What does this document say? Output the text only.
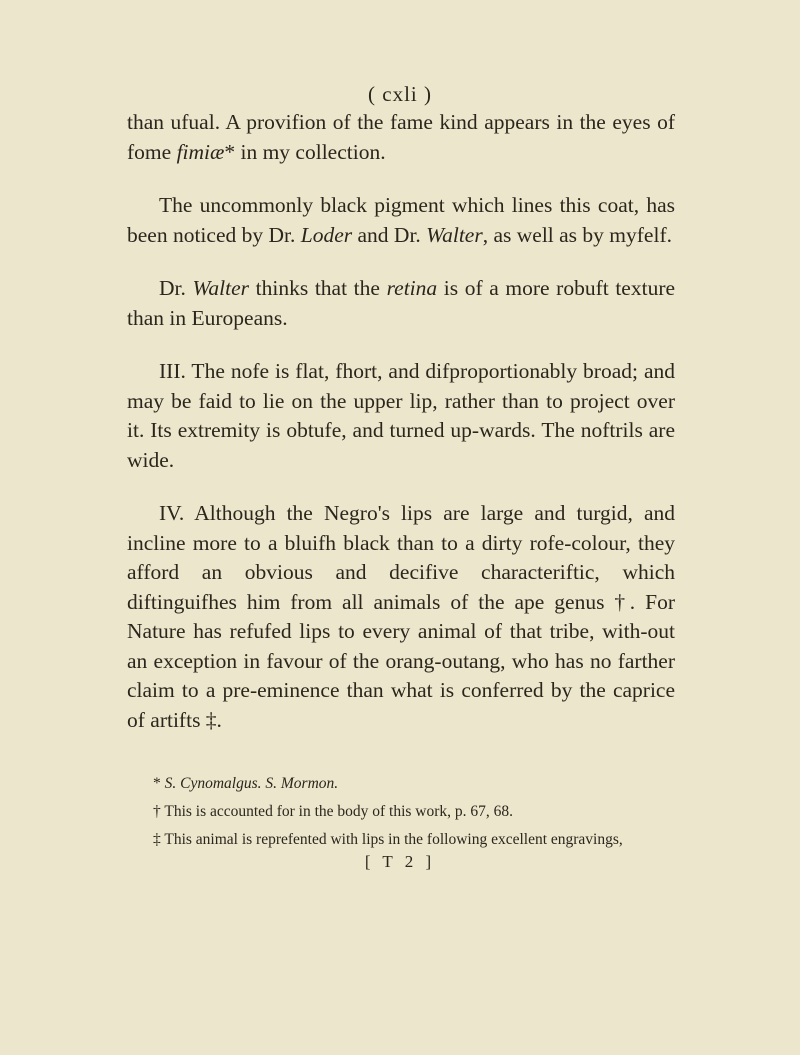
( cxli )

than ufual. A provifion of the fame kind appears in the eyes of fome fimiæ* in my collection.

The uncommonly black pigment which lines this coat, has been noticed by Dr. Loder and Dr. Walter, as well as by myfelf.

Dr. Walter thinks that the retina is of a more robuft texture than in Europeans.

III. The nofe is flat, fhort, and difproportionably broad; and may be faid to lie on the upper lip, rather than to project over it. Its extremity is obtufe, and turned up-wards. The noftrils are wide.

IV. Although the Negro's lips are large and turgid, and incline more to a bluifh black than to a dirty rofe-colour, they afford an obvious and decifive characteriftic, which diftinguifhes him from all animals of the ape genus †. For Nature has refufed lips to every animal of that tribe, with-out an exception in favour of the orang-outang, who has no farther claim to a pre-eminence than what is conferred by the caprice of artifts ‡.

* S. Cynomalgus. S. Mormon.

† This is accounted for in the body of this work, p. 67, 68.

‡ This animal is reprefented with lips in the following excellent engravings,

[ T 2 ]
